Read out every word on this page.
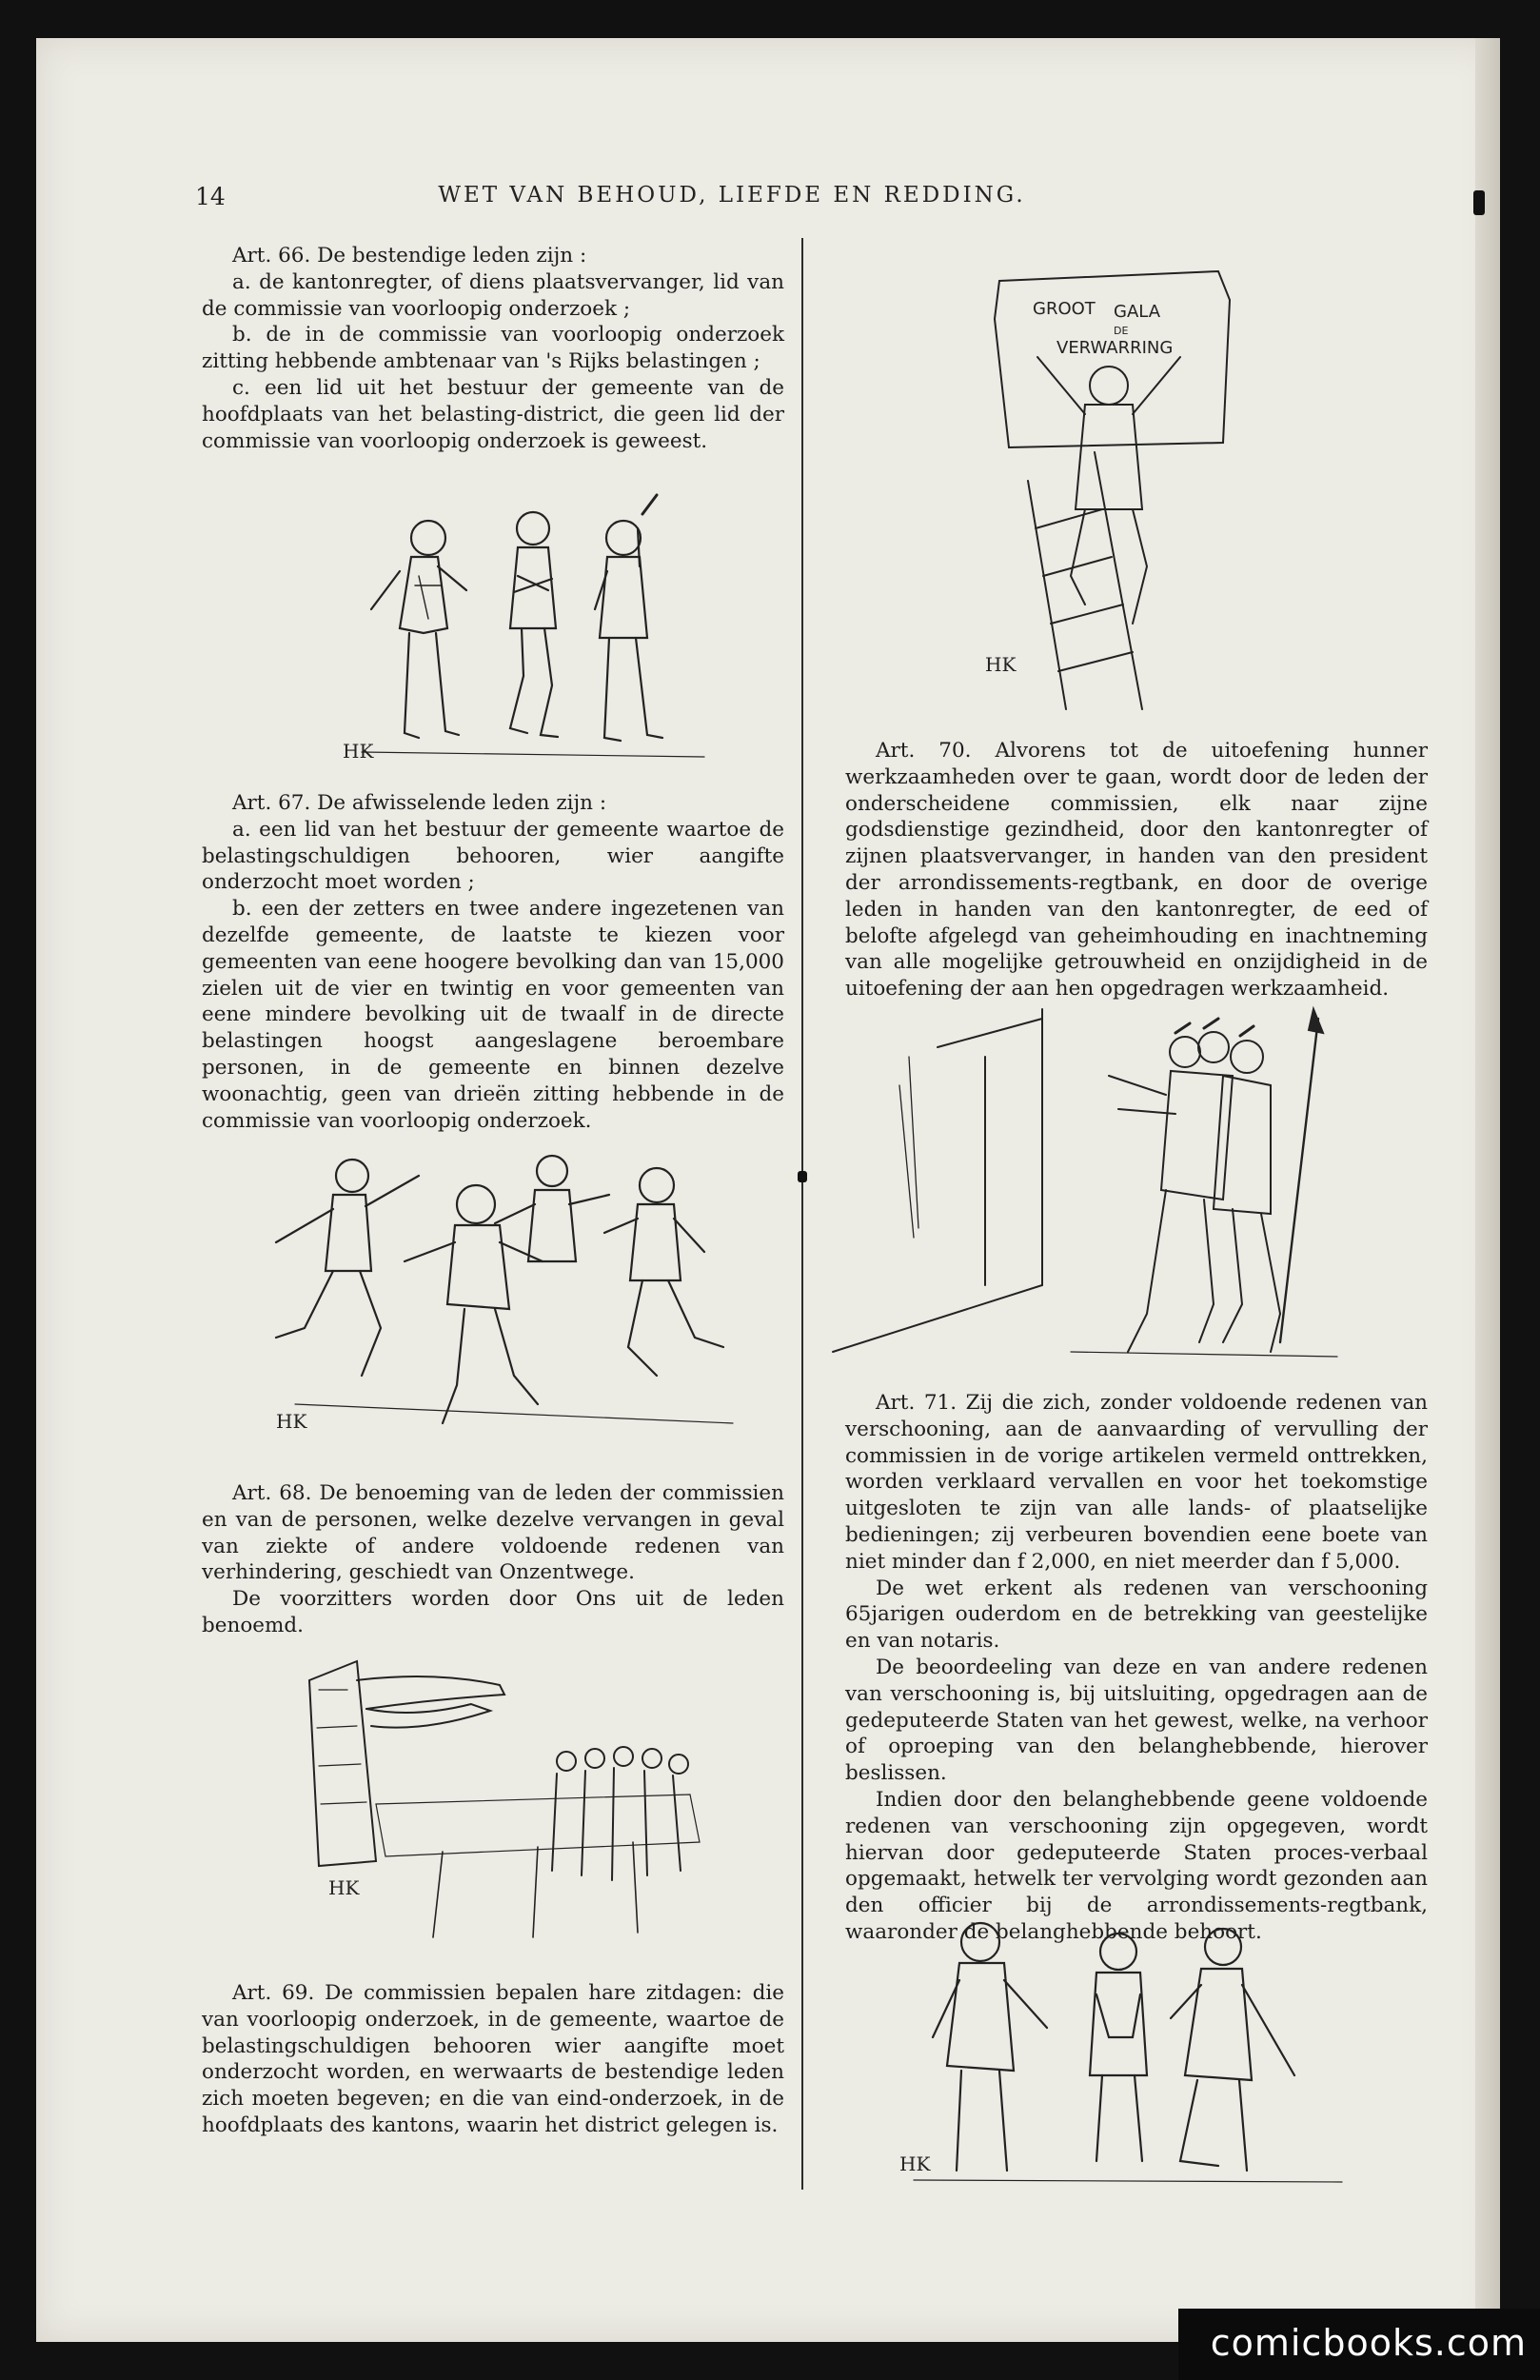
14	WET VAN BEHOUD, LIEFDE EN REDDING.

Art. 66. De bestendige leden zijn :

a. de kantonregter, of diens plaatsvervanger, lid van de commissie van voorloopig onderzoek ;

b. de in de commissie van voorloopig onderzoek zitting hebbende ambtenaar van 's Rijks belastingen ;

c. een lid uit het bestuur der gemeente van de hoofdplaats van het belasting-district, die geen lid der commissie van voorloopig onderzoek is geweest.

HK

Art. 67. De afwisselende leden zijn :

a. een lid van het bestuur der gemeente waartoe de belastingschuldigen behooren, wier aangifte onderzocht moet worden ;

b. een der zetters en twee andere ingezetenen van dezelfde gemeente, de laatste te kiezen voor gemeenten van eene hoogere bevolking dan van 15,000 zielen uit de vier en twintig en voor gemeenten van eene mindere bevolking uit de twaalf in de directe belastingen hoogst aangeslagene beroembare personen, in de gemeente en binnen dezelve woonachtig, geen van drieën zitting hebbende in de commissie van voorloopig onderzoek.

HK

Art. 68. De benoeming van de leden der commissien en van de personen, welke dezelve vervangen in geval van ziekte of andere voldoende redenen van verhindering, geschiedt van Onzentwege.

De voorzitters worden door Ons uit de leden benoemd.

HK

Art. 69. De commissien bepalen hare zitdagen: die van voorloopig onderzoek, in de gemeente, waartoe de belastingschuldigen behooren wier aangifte moet onderzocht worden, en werwaarts de bestendige leden zich moeten begeven; en die van eind-onderzoek, in de hoofdplaats des kantons, waarin het district gelegen is.

GROOT GALA
DE
VERWARRING
HK

Art. 70. Alvorens tot de uitoefening hunner werkzaamheden over te gaan, wordt door de leden der onderscheidene commissien, elk naar zijne godsdienstige gezindheid, door den kantonregter of zijnen plaatsvervanger, in handen van den president der arrondissements-regtbank, en door de overige leden in handen van den kantonregter, de eed of belofte afgelegd van geheimhouding en inachtneming van alle mogelijke getrouwheid en onzijdigheid in de uitoefening der aan hen opgedragen werkzaamheid.

Art. 71. Zij die zich, zonder voldoende redenen van verschooning, aan de aanvaarding of vervulling der commissien in de vorige artikelen vermeld onttrekken, worden verklaard vervallen en voor het toekomstige uitgesloten te zijn van alle lands- of plaatselijke bedieningen; zij verbeuren bovendien eene boete van niet minder dan f 2,000, en niet meerder dan f 5,000.

De wet erkent als redenen van verschooning 65jarigen ouderdom en de betrekking van geestelijke en van notaris.

De beoordeeling van deze en van andere redenen van verschooning is, bij uitsluiting, opgedragen aan de gedeputeerde Staten van het gewest, welke, na verhoor of oproeping van den belanghebbende, hierover beslissen.

Indien door den belanghebbende geene voldoende redenen van verschooning zijn opgegeven, wordt hiervan door gedeputeerde Staten proces-verbaal opgemaakt, hetwelk ter vervolging wordt gezonden aan den officier bij de arrondissements-regtbank, waaronder de belanghebbende behoort.

HK
comicbooks.com
